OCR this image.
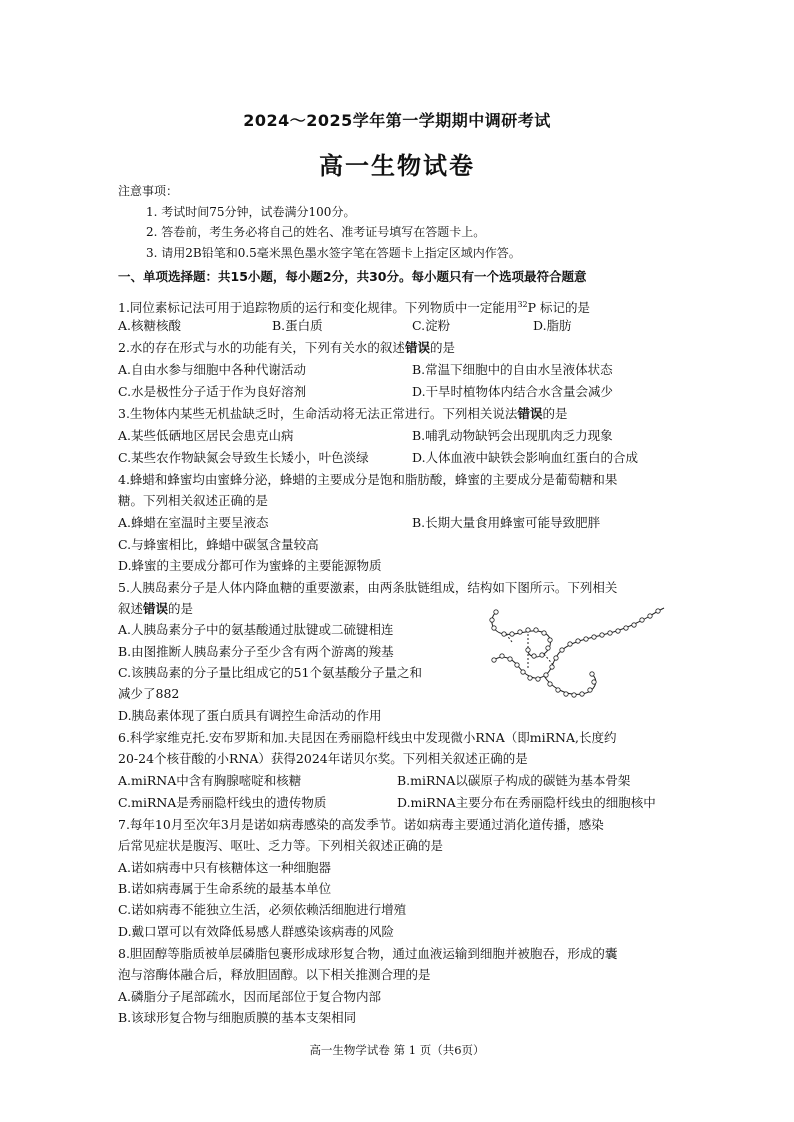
2024～2025学年第一学期期中调研考试
高一生物试卷
注意事项：
1. 考试时间75分钟，试卷满分100分。
2. 答卷前，考生务必将自己的姓名、准考证号填写在答题卡上。
3. 请用2B铅笔和0.5毫米黑色墨水签字笔在答题卡上指定区域内作答。
一、单项选择题：共15小题，每小题2分，共30分。每小题只有一个选项最符合题意
1.同位素标记法可用于追踪物质的运行和变化规律。下列物质中一定能用$^{32}$P 标记的是
A.核糖核酸	B.蛋白质	C.淀粉	D.脂肪
2.水的存在形式与水的功能有关，下列有关水的叙述错误的是
A.自由水参与细胞中各种代谢活动	B.常温下细胞中的自由水呈液体状态
C.水是极性分子适于作为良好溶剂	D.干旱时植物体内结合水含量会减少
3.生物体内某些无机盐缺乏时，生命活动将无法正常进行。下列相关说法错误的是
A.某些低硒地区居民会患克山病	B.哺乳动物缺钙会出现肌肉乏力现象
C.某些农作物缺氮会导致生长矮小，叶色淡绿	D.人体血液中缺铁会影响血红蛋白的合成
4.蜂蜡和蜂蜜均由蜜蜂分泌，蜂蜡的主要成分是饱和脂肪酸，蜂蜜的主要成分是葡萄糖和果
糖。下列相关叙述正确的是
A.蜂蜡在室温时主要呈液态	B.长期大量食用蜂蜜可能导致肥胖
C.与蜂蜜相比，蜂蜡中碳氢含量较高
D.蜂蜜的主要成分都可作为蜜蜂的主要能源物质
5.人胰岛素分子是人体内降血糖的重要激素，由两条肽链组成，结构如下图所示。下列相关
叙述错误的是
A.人胰岛素分子中的氨基酸通过肽键或二硫键相连
B.由图推断人胰岛素分子至少含有两个游离的羧基
C.该胰岛素的分子量比组成它的51个氨基酸分子量之和
减少了882
D.胰岛素体现了蛋白质具有调控生命活动的作用
6.科学家维克托.安布罗斯和加.夫昆因在秀丽隐杆线虫中发现微小RNA（即miRNA,长度约
20-24个核苷酸的小RNA）获得2024年诺贝尔奖。下列相关叙述正确的是
A.miRNA中含有胸腺嘧啶和核糖	B.miRNA以碳原子构成的碳链为基本骨架
C.miRNA是秀丽隐杆线虫的遗传物质	D.miRNA主要分布在秀丽隐杆线虫的细胞核中
7.每年10月至次年3月是诺如病毒感染的高发季节。诺如病毒主要通过消化道传播，感染
后常见症状是腹泻、呕吐、乏力等。下列相关叙述正确的是
A.诺如病毒中只有核糖体这一种细胞器
B.诺如病毒属于生命系统的最基本单位
C.诺如病毒不能独立生活，必须依赖活细胞进行增殖
D.戴口罩可以有效降低易感人群感染该病毒的风险
8.胆固醇等脂质被单层磷脂包裹形成球形复合物，通过血液运输到细胞并被胞吞，形成的囊
泡与溶酶体融合后，释放胆固醇。以下相关推测合理的是
A.磷脂分子尾部疏水，因而尾部位于复合物内部
B.该球形复合物与细胞质膜的基本支架相同
高一生物学试卷 第 1 页（共6页）
